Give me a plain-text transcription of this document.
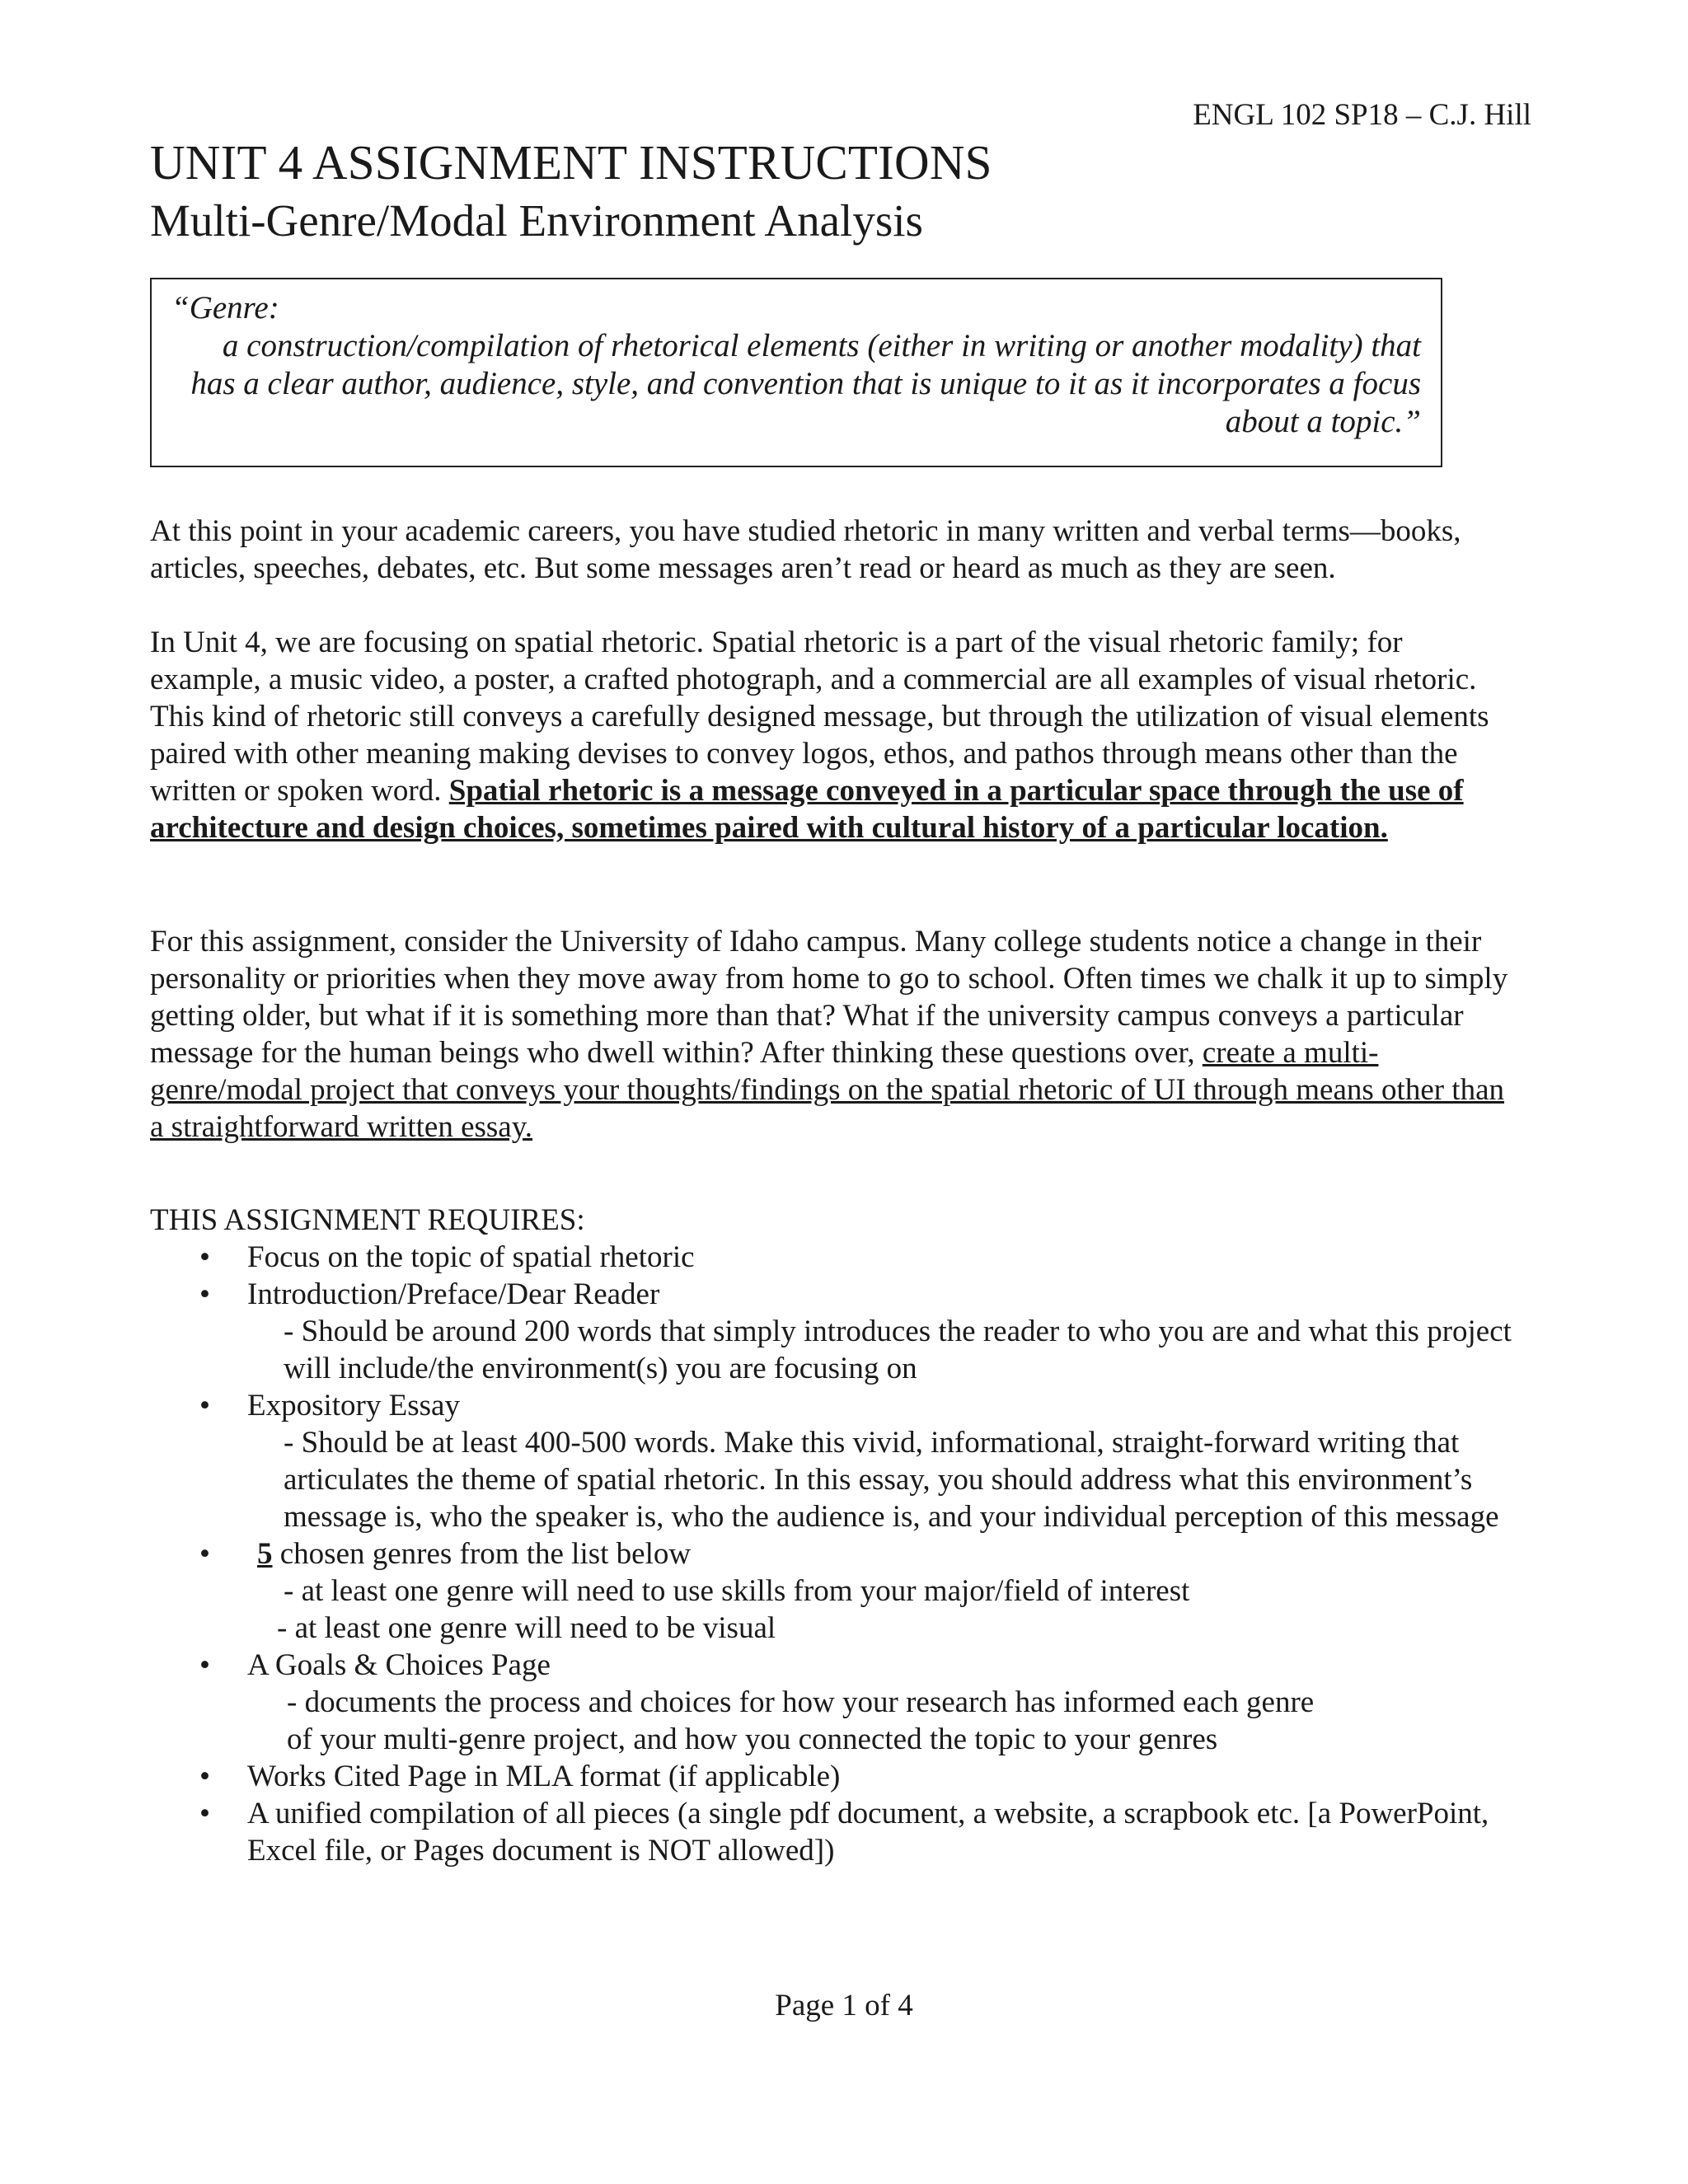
ENGL 102 SP18 – C.J. Hill
UNIT 4 ASSIGNMENT INSTRUCTIONS
Multi-Genre/Modal Environment Analysis
“Genre:
a construction/compilation of rhetorical elements (either in writing or another modality) that
has a clear author, audience, style, and convention that is unique to it as it incorporates a focus
about a topic.”

At this point in your academic careers, you have studied rhetoric in many written and verbal terms—books, articles, speeches, debates, etc. But some messages aren’t read or heard as much as they are seen.

In Unit 4, we are focusing on spatial rhetoric. Spatial rhetoric is a part of the visual rhetoric family; for example, a music video, a poster, a crafted photograph, and a commercial are all examples of visual rhetoric. This kind of rhetoric still conveys a carefully designed message, but through the utilization of visual elements paired with other meaning making devises to convey logos, ethos, and pathos through means other than the written or spoken word. Spatial rhetoric is a message conveyed in a particular space through the use of architecture and design choices, sometimes paired with cultural history of a particular location.

For this assignment, consider the University of Idaho campus. Many college students notice a change in their personality or priorities when they move away from home to go to school. Often times we chalk it up to simply getting older, but what if it is something more than that? What if the university campus conveys a particular message for the human beings who dwell within? After thinking these questions over, create a multi-genre/modal project that conveys your thoughts/findings on the spatial rhetoric of UI through means other than a straightforward written essay.

THIS ASSIGNMENT REQUIRES:

• Focus on the topic of spatial rhetoric
• Introduction/Preface/Dear Reader
- Should be around 200 words that simply introduces the reader to who you are and what this project will include/the environment(s) you are focusing on
• Expository Essay
- Should be at least 400-500 words. Make this vivid, informational, straight-forward writing that articulates the theme of spatial rhetoric. In this essay, you should address what this environment’s message is, who the speaker is, who the audience is, and your individual perception of this message
• 5 chosen genres from the list below
- at least one genre will need to use skills from your major/field of interest
- at least one genre will need to be visual
• A Goals & Choices Page
- documents the process and choices for how your research has informed each genre of your multi-genre project, and how you connected the topic to your genres
• Works Cited Page in MLA format (if applicable)
• A unified compilation of all pieces (a single pdf document, a website, a scrapbook etc. [a PowerPoint, Excel file, or Pages document is NOT allowed])
Page 1 of 4
